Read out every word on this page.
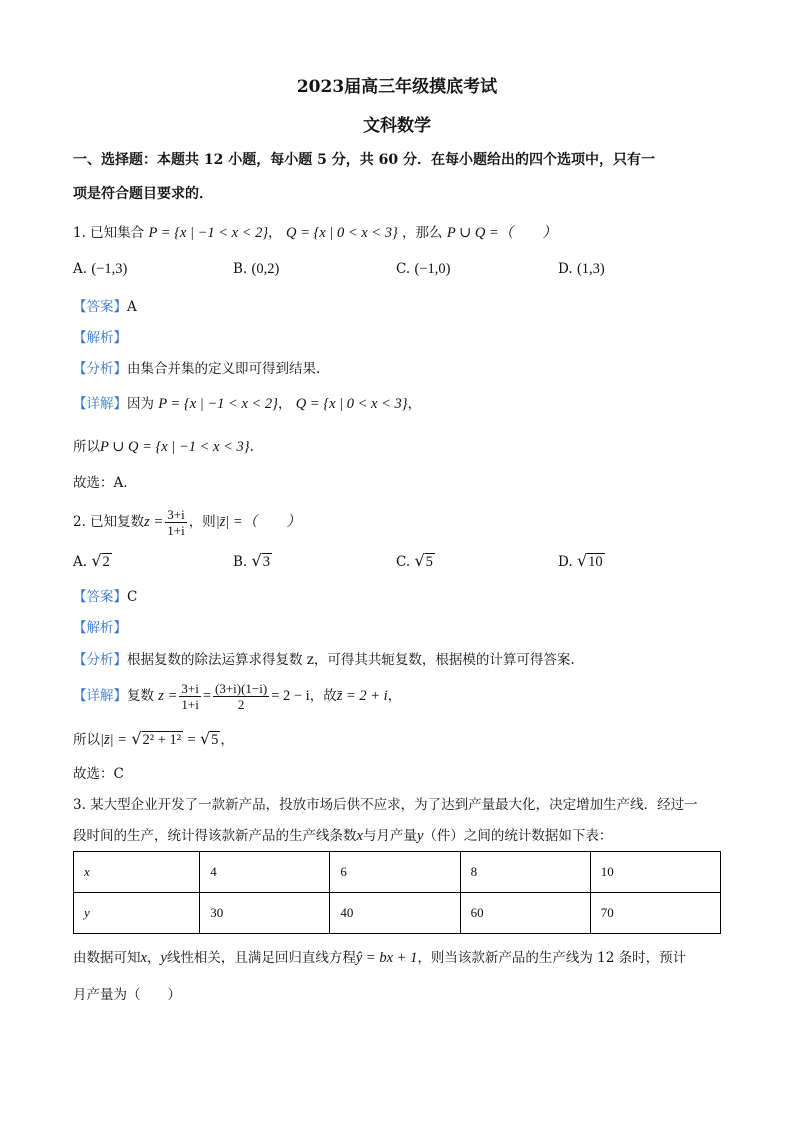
2023届高三年级摸底考试
文科数学
一、选择题：本题共 12 小题，每小题 5 分，共 60 分．在每小题给出的四个选项中，只有一
项是符合题目要求的．
1. 已知集合 P = {x | −1 < x < 2}， Q = {x | 0 < x < 3} ，那么 P ∪ Q =（　　）
A. (−1,3)	B. (0,2)	C. (−1,0)	D. (1,3)
【答案】A
【解析】
【分析】由集合并集的定义即可得到结果.
【详解】因为 P = {x | −1 < x < 2}， Q = {x | 0 < x < 3}，
所以P ∪ Q = {x | −1 < x < 3}.
故选：A.
2. 已知复数$z = \frac{3+i}{1+i}$ ，则|z̄| =（　　）
A. √2	B. √3	C. √5	D. √10
【答案】C
【解析】
【分析】根据复数的除法运算求得复数 z，可得其共轭复数，根据模的计算可得答案.
【详解】复数 $z = \frac{3+i}{1+i} = \frac{(3+i)(1-i)}{2} = 2 - i$，故z̄ = 2 + i，
所以|z̄| = √2² + 1² = √5 ，
故选：C
3. 某大型企业开发了一款新产品，投放市场后供不应求，为了达到产量最大化，决定增加生产线．经过一
段时间的生产，统计得该款新产品的生产线条数x与月产量y（件）之间的统计数据如下表：
x	4	6	8	10
y	30	40	60	70
由数据可知x，y线性相关，且满足回归直线方程ŷ = bx + 1，则当该款新产品的生产线为 12 条时，预计
月产量为（　　）
